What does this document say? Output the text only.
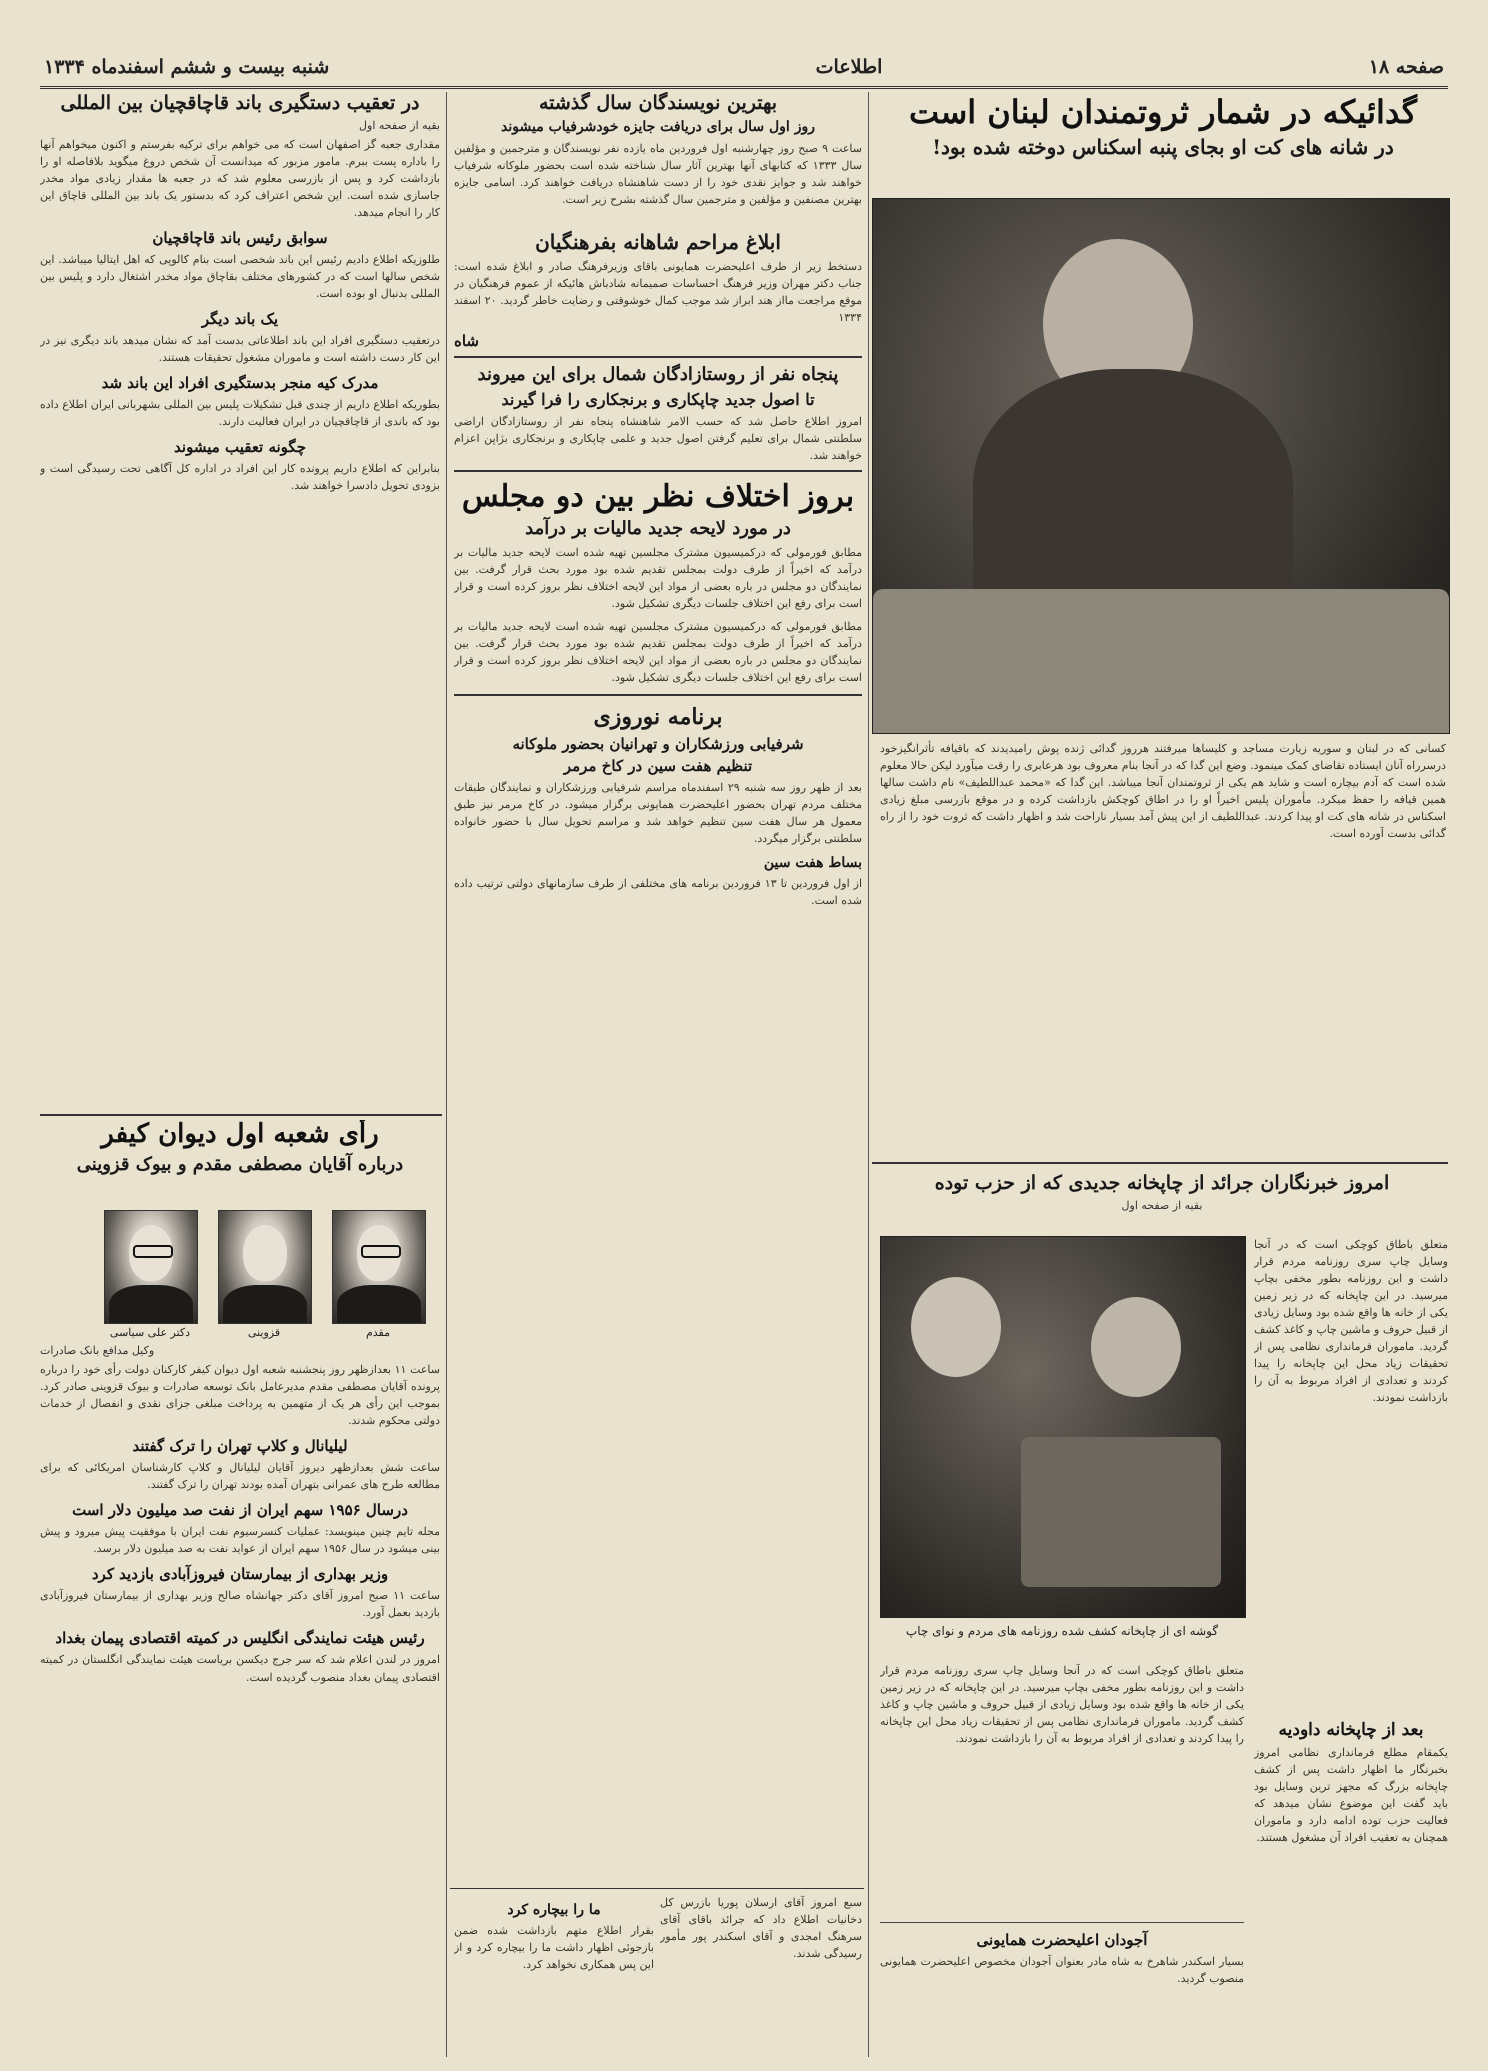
صفحه ۱۸
اطلاعات
شنبه بیست و ششم اسفندماه ۱۳۳۴
گدائیکه در شمار ثروتمندان لبنان است
در شانه های کت او بجای پنبه اسکناس دوخته شده بود!

کسانی که در لبنان و سوریه زیارت مساجد و کلیساها میرفتند هرروز گدائی ژنده پوش رامیدیدند که باقیافه تأثرانگیزخود درسرراه آنان ایستاده تقاضای کمک مینمود. وضع این گدا که در آنجا بنام معروف بود هرعابری را رقت میآورد لیکن حالا معلوم شده است که آدم بیچاره است و شاید هم یکی از ثروتمندان آنجا میباشد. این گدا که «محمد عبداللطیف» نام داشت سالها همین قیافه را حفظ میکرد. مأموران پلیس اخیراً او را در اطاق کوچکش بازداشت کرده و در موقع بازرسی مبلغ زیادی اسکناس در شانه های کت او پیدا کردند. عبداللطیف از این پیش آمد بسیار ناراحت شد و اظهار داشت که ثروت خود را از راه گدائی بدست آورده است.

امروز خبرنگاران جرائد از چاپخانه جدیدی که از حزب توده

بقیه از صفحه اول

متعلق باطاق کوچکی است که در آنجا وسایل چاپ سری روزنامه مردم قرار داشت و این روزنامه بطور مخفی بچاپ میرسید. در این چاپخانه که در زیر زمین یکی از خانه ها واقع شده بود وسایل زیادی از قبیل حروف و ماشین چاپ و کاغذ کشف گردید. ماموران فرمانداری نظامی پس از تحقیقات زیاد محل این چاپخانه را پیدا کردند و تعدادی از افراد مربوط به آن را بازداشت نمودند.

گوشه ای از چاپخانه کشف شده روزنامه های مردم و نوای چاپ

بعد از چاپخانه داودیه

یکمقام مطلع فرمانداری نظامی امروز بخبرنگار ما اظهار داشت پس از کشف چاپخانه بزرگ که مجهز ترین وسایل بود باید گفت این موضوع نشان میدهد که فعالیت حزب توده ادامه دارد و ماموران همچنان به تعقیب افراد آن مشغول هستند.

متعلق باطاق کوچکی است که در آنجا وسایل چاپ سری روزنامه مردم قرار داشت و این روزنامه بطور مخفی بچاپ میرسید. در این چاپخانه که در زیر زمین یکی از خانه ها واقع شده بود وسایل زیادی از قبیل حروف و ماشین چاپ و کاغذ کشف گردید. ماموران فرمانداری نظامی پس از تحقیقات زیاد محل این چاپخانه را پیدا کردند و تعدادی از افراد مربوط به آن را بازداشت نمودند.

آجودان اعلیحضرت همایونی

بسیار اسکندر شاهرخ به شاه مادر بعنوان آجودان مخصوص اعلیحضرت همایونی منصوب گردید.

بهترین نویسندگان سال گذشته

روز اول سال برای دریافت جایزه خودشرفیاب میشوند

ساعت ۹ صبح روز چهارشنبه اول فروردین ماه یازده نفر نویسندگان و مترجمین و مؤلفین سال ۱۳۳۳ که کتابهای آنها بهترین آثار سال شناخته شده است بحضور ملوکانه شرفیاب خواهند شد و جوایز نقدی خود را از دست شاهنشاه دریافت خواهند کرد. اسامی جایزه بهترین مصنفین و مؤلفین و مترجمین سال گذشته بشرح زیر است.

ابلاغ مراحم شاهانه بفرهنگیان

دستخط زیر از طرف اعلیحضرت همایونی باقای وزیرفرهنگ صادر و ابلاغ شده است: جناب دکتر مهران وزیر فرهنگ احساسات صمیمانه شادباش هائیکه از عموم فرهنگیان در موقع مراجعت مااز هند ابراز شد موجب کمال خوشوقتی و رضایت خاطر گردید. ۲۰ اسفند ۱۳۳۴

شاه

پنجاه نفر از روستازادگان شمال برای این میروند

تا اصول جدید چاپکاری و برنجکاری را فرا گیرند

امروز اطلاع حاصل شد که حسب الامر شاهنشاه پنجاه نفر از روستازادگان اراضی سلطنتی شمال برای تعلیم گرفتن اصول جدید و علمی چاپکاری و برنجکاری بژاپن اعزام خواهند شد.

بروز اختلاف نظر بین دو مجلس

در مورد لایحه جدید مالیات بر درآمد

مطابق فورمولی که درکمیسیون مشترک مجلسین تهیه شده است لایحه جدید مالیات بر درآمد که اخیراً از طرف دولت بمجلس تقدیم شده بود مورد بحث قرار گرفت. بین نمایندگان دو مجلس در باره بعضی از مواد این لایحه اختلاف نظر بروز کرده است و قرار است برای رفع این اختلاف جلسات دیگری تشکیل شود.

مطابق فورمولی که درکمیسیون مشترک مجلسین تهیه شده است لایحه جدید مالیات بر درآمد که اخیراً از طرف دولت بمجلس تقدیم شده بود مورد بحث قرار گرفت. بین نمایندگان دو مجلس در باره بعضی از مواد این لایحه اختلاف نظر بروز کرده است و قرار است برای رفع این اختلاف جلسات دیگری تشکیل شود.

برنامه نوروزی

شرفیابی ورزشکاران و تهرانیان بحضور ملوکانه

تنظیم هفت سین در کاخ مرمر

بعد از ظهر روز سه شنبه ۲۹ اسفندماه مراسم شرفیابی ورزشکاران و نمایندگان طبقات مختلف مردم تهران بحضور اعلیحضرت همایونی برگزار میشود. در کاخ مرمر نیز طبق معمول هر سال هفت سین تنظیم خواهد شد و مراسم تحویل سال با حضور خانواده سلطنتی برگزار میگردد.

بساط هفت سین

از اول فروردین تا ۱۳ فروردین برنامه های مختلفی از طرف سازمانهای دولتی ترتیب داده شده است.

سبع امروز آقای ارسلان پوریا بازرس کل دخانیات اطلاع داد که جرائد باقای آقای سرهنگ امجدی و آقای اسکندر پور مأمور رسیدگی شدند.

ما را بیچاره کرد

بقرار اطلاع متهم بازداشت شده ضمن بازجوئی اظهار داشت ما را بیچاره کرد و از این پس همکاری نخواهد کرد.

در تعقیب دستگیری باند قاچاقچیان بین المللی

بقیه از صفحه اول

مقداری جعبه گز اصفهان است که می خواهم برای ترکیه بفرستم و اکنون میخواهم آنها را باداره پست ببرم. مامور مزبور که میدانست آن شخص دروغ میگوید بلافاصله او را بازداشت کرد و پس از بازرسی معلوم شد که در جعبه ها مقدار زیادی مواد مخدر جاسازی شده است. این شخص اعتراف کرد که بدستور یک باند بین المللی قاچاق این کار را انجام میدهد.

سوابق رئیس باند قاچاقچیان

طلوزیکه اطلاع دادیم رئیس این باند شخصی است بنام کالوپی که اهل ایتالیا میباشد. این شخص سالها است که در کشورهای مختلف بقاچاق مواد مخدر اشتغال دارد و پلیس بین المللی بدنبال او بوده است.

یک باند دیگر

درتعقیب دستگیری افراد این باند اطلاعاتی بدست آمد که نشان میدهد باند دیگری نیز در این کار دست داشته است و ماموران مشغول تحقیقات هستند.

مدرک کیه منجر بدستگیری افراد این باند شد

بطوریکه اطلاع داریم از چندی قبل تشکیلات پلیس بین المللی بشهربانی ایران اطلاع داده بود که باندی از قاچاقچیان در ایران فعالیت دارند.

چگونه تعقیب میشوند

بنابراین که اطلاع داریم پرونده کار این افراد در اداره کل آگاهی تحت رسیدگی است و بزودی تحویل دادسرا خواهند شد.

رأی شعبه اول دیوان کیفر

درباره آقایان مصطفی مقدم و بیوک قزوینی

دکتر علی سیاسی	قزوینی	مقدم

وکیل مدافع بانک صادرات

ساعت ۱۱ بعدازظهر روز پنجشنبه شعبه اول دیوان کیفر کارکنان دولت رأی خود را درباره پرونده آقایان مصطفی مقدم مدیرعامل بانک توسعه صادرات و بیوک قزوینی صادر کرد. بموجب این رأی هر یک از متهمین به پرداخت مبلغی جزای نقدی و انفصال از خدمات دولتی محکوم شدند.

لیلیانال و کلاپ تهران را ترک گفتند

ساعت شش بعدازظهر دیروز آقایان لیلیانال و کلاپ کارشناسان امریکائی که برای مطالعه طرح های عمرانی بتهران آمده بودند تهران را ترک گفتند.

درسال ۱۹۵۶ سهم ایران از نفت صد میلیون دلار است

مجله تایم چنین مینویسد: عملیات کنسرسیوم نفت ایران با موفقیت پیش میرود و پیش بینی میشود در سال ۱۹۵۶ سهم ایران از عواید نفت به صد میلیون دلار برسد.

وزیر بهداری از بیمارستان فیروزآبادی بازدید کرد

ساعت ۱۱ صبح امروز آقای دکتر جهانشاه صالح وزیر بهداری از بیمارستان فیروزآبادی بازدید بعمل آورد.

رئیس هیئت نمایندگی انگلیس در کمیته اقتصادی پیمان بغداد

امروز در لندن اعلام شد که سر جرج دیکسن بریاست هیئت نمایندگی انگلستان در کمیته اقتصادی پیمان بغداد منصوب گردیده است.
